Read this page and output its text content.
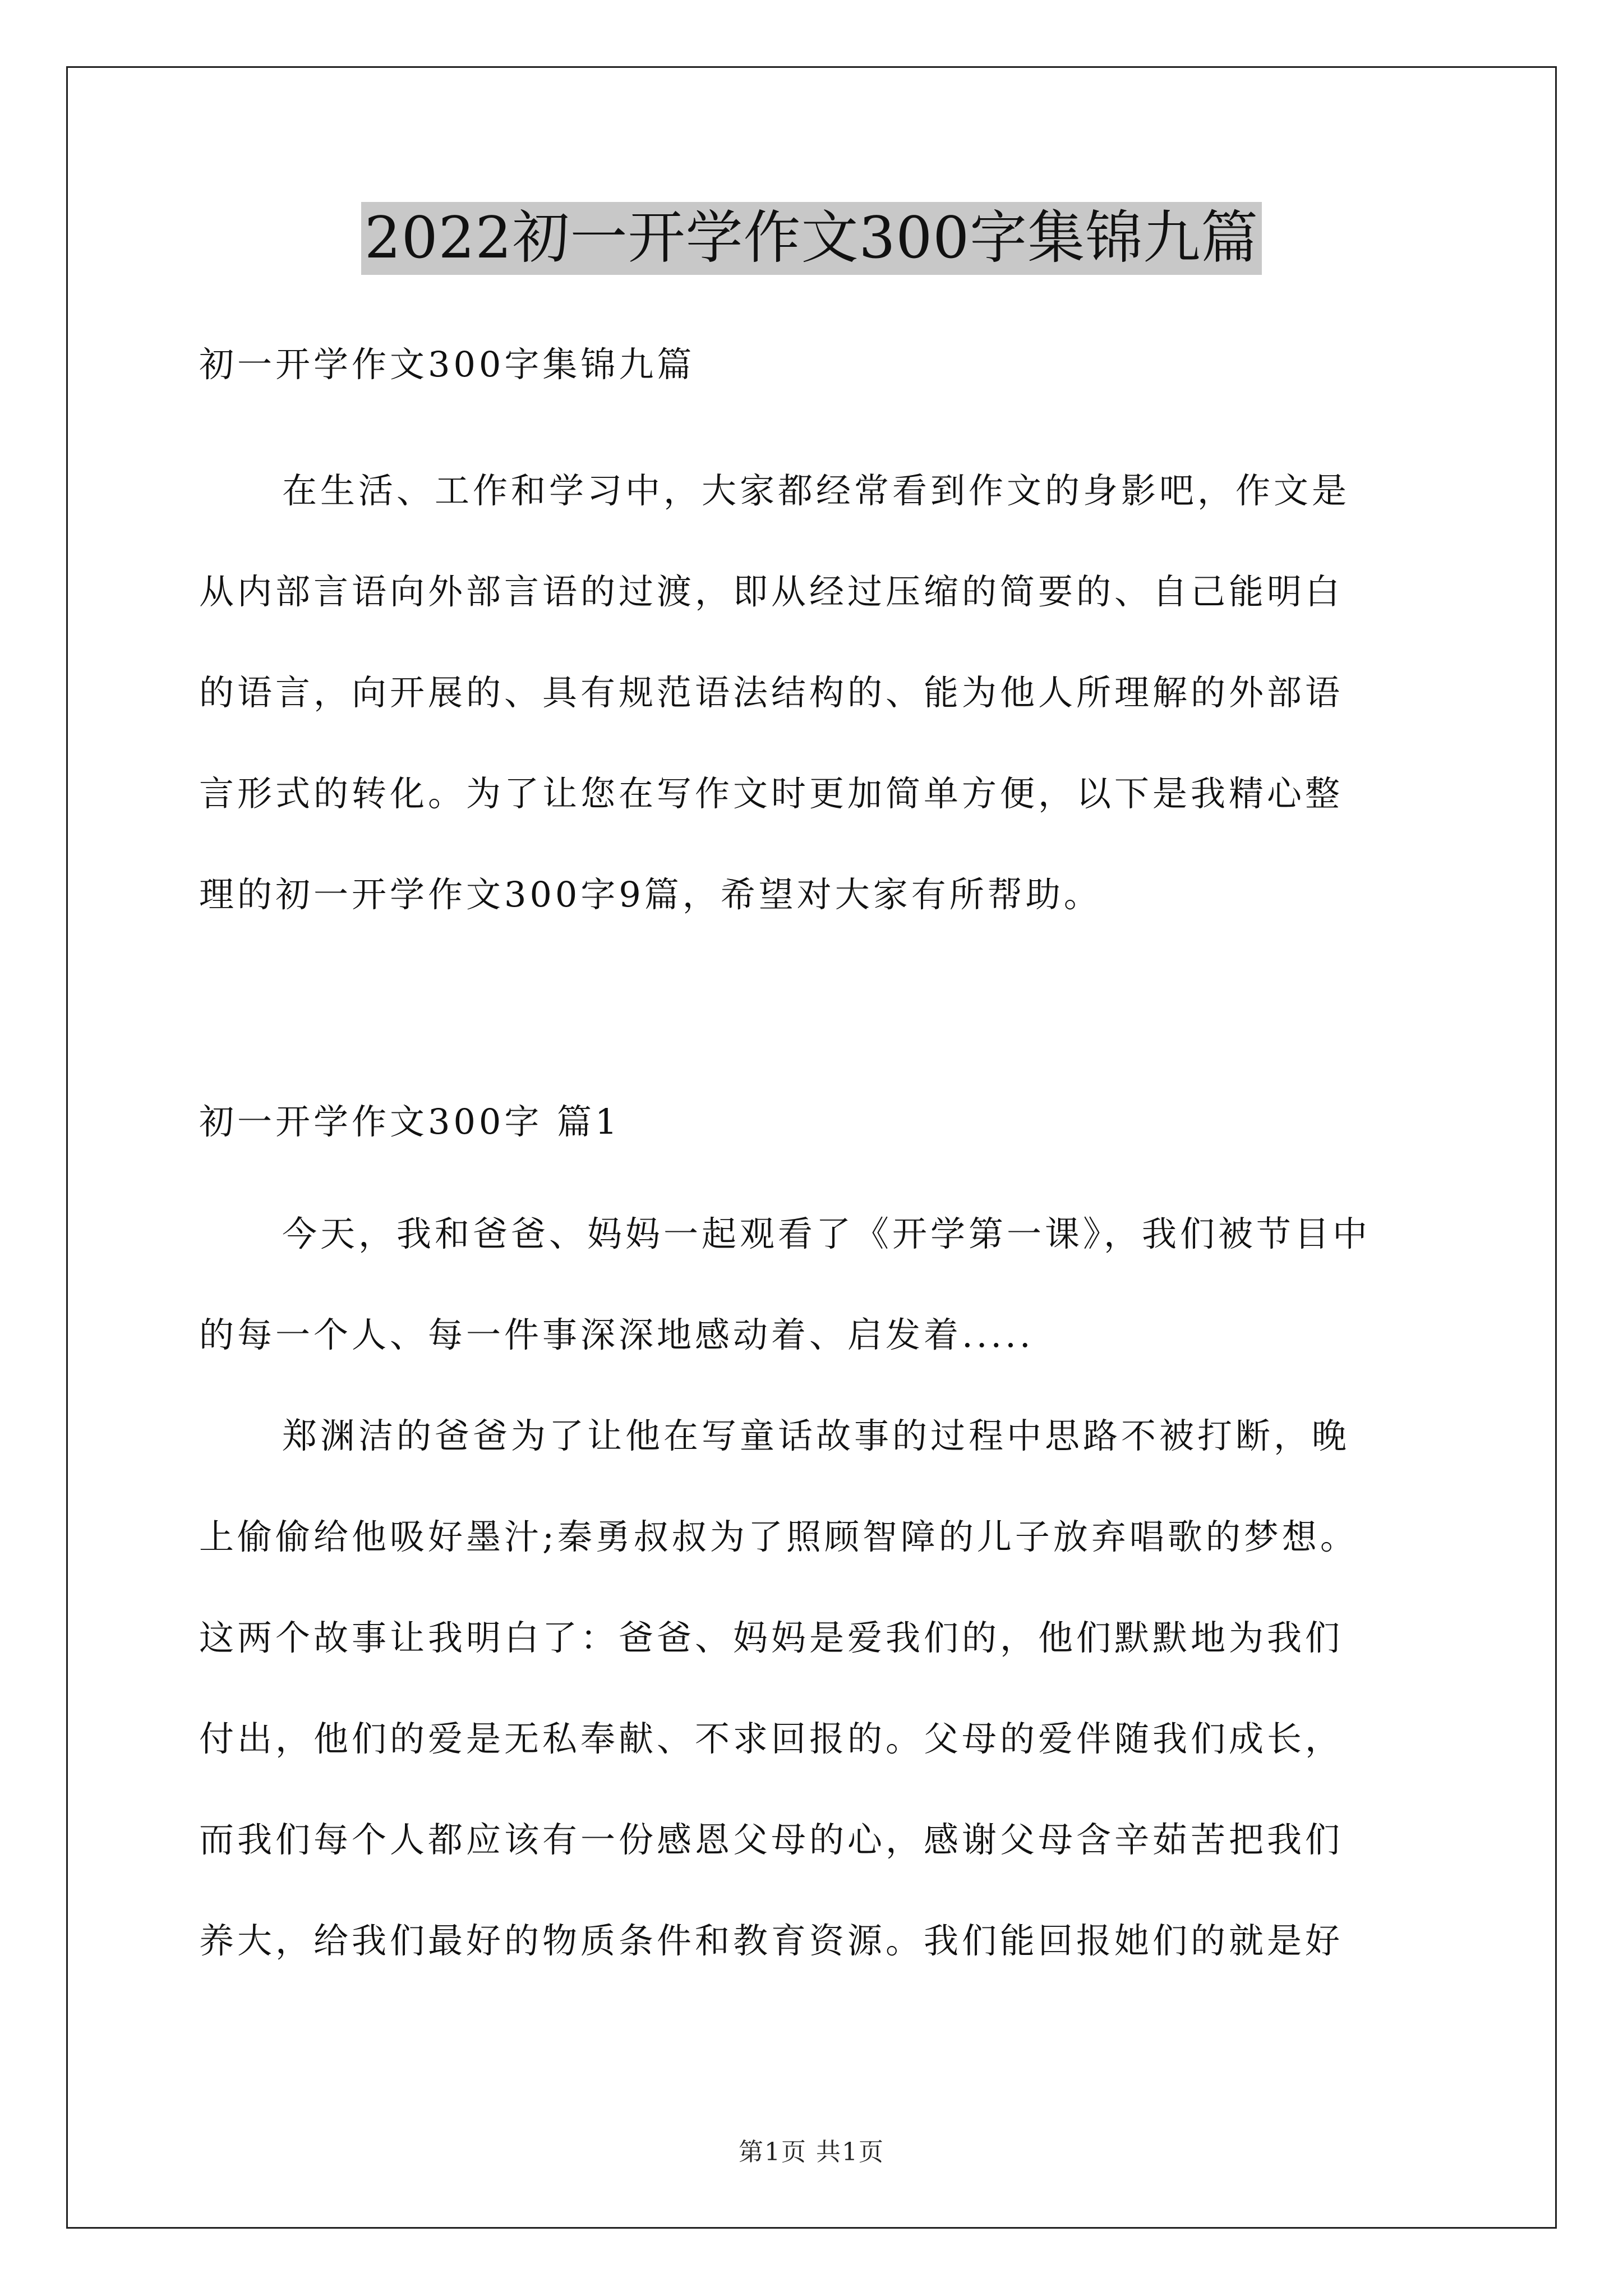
2022初一开学作文300字集锦九篇
初一开学作文300字集锦九篇
在生活、工作和学习中，大家都经常看到作文的身影吧，作文是
从内部言语向外部言语的过渡，即从经过压缩的简要的、自己能明白
的语言，向开展的、具有规范语法结构的、能为他人所理解的外部语
言形式的转化。为了让您在写作文时更加简单方便，以下是我精心整
理的初一开学作文300字9篇，希望对大家有所帮助。
初一开学作文300字 篇1
今天，我和爸爸、妈妈一起观看了《开学第一课》，我们被节目中
的每一个人、每一件事深深地感动着、启发着.....
郑渊洁的爸爸为了让他在写童话故事的过程中思路不被打断，晚
上偷偷给他吸好墨汁;秦勇叔叔为了照顾智障的儿子放弃唱歌的梦想。
这两个故事让我明白了：爸爸、妈妈是爱我们的，他们默默地为我们
付出，他们的爱是无私奉献、不求回报的。父母的爱伴随我们成长，
而我们每个人都应该有一份感恩父母的心，感谢父母含辛茹苦把我们
养大，给我们最好的物质条件和教育资源。我们能回报她们的就是好
第1页 共1页
